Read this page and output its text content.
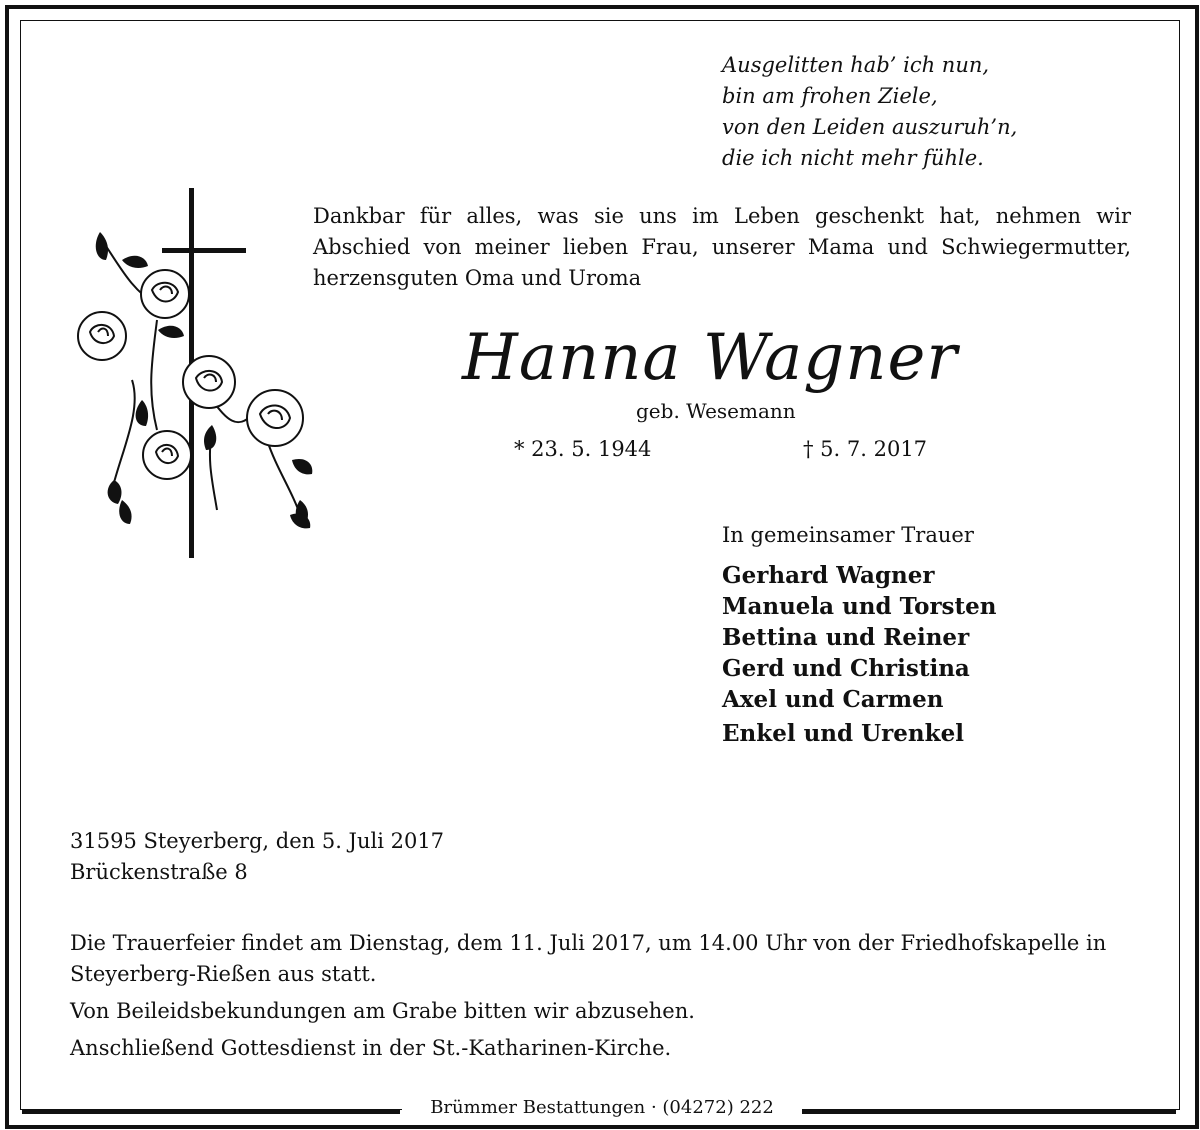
Ausgelitten hab’ ich nun,
bin am frohen Ziele,
von den Leiden auszuruh’n,
die ich nicht mehr fühle.
Dankbar für alles, was sie uns im Leben geschenkt hat, nehmen wir
Abschied von meiner lieben Frau, unserer Mama und Schwiegermutter,
herzensguten Oma und Uroma
Hanna Wagner
geb. Wesemann
* 23. 5. 1944	† 5. 7. 2017
In gemeinsamer Trauer
Gerhard Wagner
Manuela und Torsten
Bettina und Reiner
Gerd und Christina
Axel und Carmen
Enkel und Urenkel
31595 Steyerberg, den 5. Juli 2017
Brückenstraße 8

Die Trauerfeier findet am Dienstag, dem 11. Juli 2017, um 14.00 Uhr von der Friedhofskapelle in Steyerberg-Rießen aus statt.

Von Beileidsbekundungen am Grabe bitten wir abzusehen.

Anschließend Gottesdienst in der St.-Katharinen-Kirche.

Brümmer Bestattungen · (04272) 222
